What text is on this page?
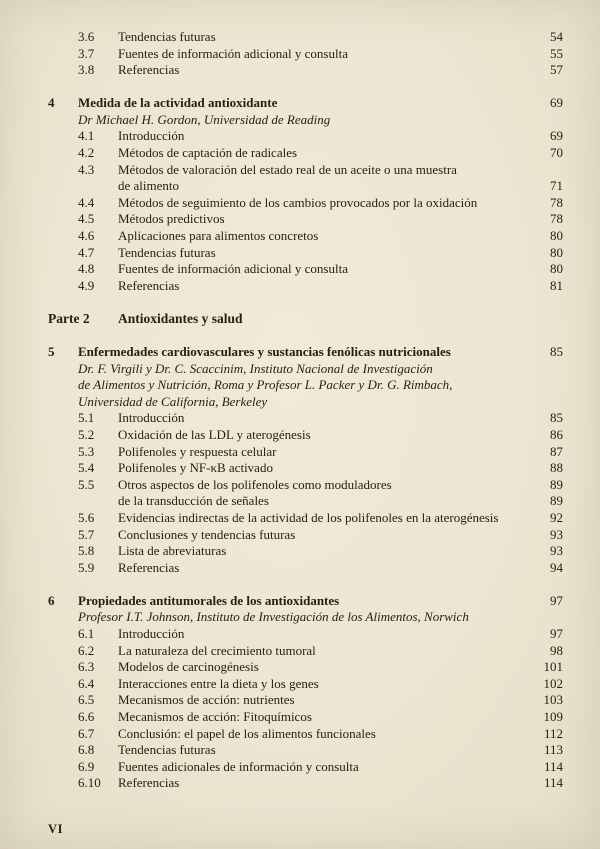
3.6	Tendencias futuras	54
3.7	Fuentes de información adicional y consulta	55
3.8	Referencias	57
4	Medida de la actividad antioxidante	69
Dr Michael H. Gordon, Universidad de Reading
4.1	Introducción	69
4.2	Métodos de captación de radicales	70
4.3	Métodos de valoración del estado real de un aceite o una muestra
de alimento	71
4.4	Métodos de seguimiento de los cambios provocados por la oxidación	78
4.5	Métodos predictivos	78
4.6	Aplicaciones para alimentos concretos	80
4.7	Tendencias futuras	80
4.8	Fuentes de información adicional y consulta	80
4.9	Referencias	81
Parte 2	Antioxidantes y salud
5	Enfermedades cardiovasculares y sustancias fenólicas nutricionales	85
Dr. F. Virgili y Dr. C. Scaccinim, Instituto Nacional de Investigación
de Alimentos y Nutrición, Roma y Profesor L. Packer y Dr. G. Rimbach,
Universidad de California, Berkeley
5.1	Introducción	85
5.2	Oxidación de las LDL y aterogénesis	86
5.3	Polifenoles y respuesta celular	87
5.4	Polifenoles y NF-κB activado	88
5.5	Otros aspectos de los polifenoles como moduladores	89
de la transducción de señales	89
5.6	Evidencias indirectas de la actividad de los polifenoles en la aterogénesis	92
5.7	Conclusiones y tendencias futuras	93
5.8	Lista de abreviaturas	93
5.9	Referencias	94
6	Propiedades antitumorales de los antioxidantes	97
Profesor I.T. Johnson, Instituto de Investigación de los Alimentos, Norwich
6.1	Introducción	97
6.2	La naturaleza del crecimiento tumoral	98
6.3	Modelos de carcinogénesis	101
6.4	Interacciones entre la dieta y los genes	102
6.5	Mecanismos de acción: nutrientes	103
6.6	Mecanismos de acción: Fitoquímicos	109
6.7	Conclusión: el papel de los alimentos funcionales	112
6.8	Tendencias futuras	113
6.9	Fuentes adicionales de información y consulta	114
6.10	Referencias	114
VI
